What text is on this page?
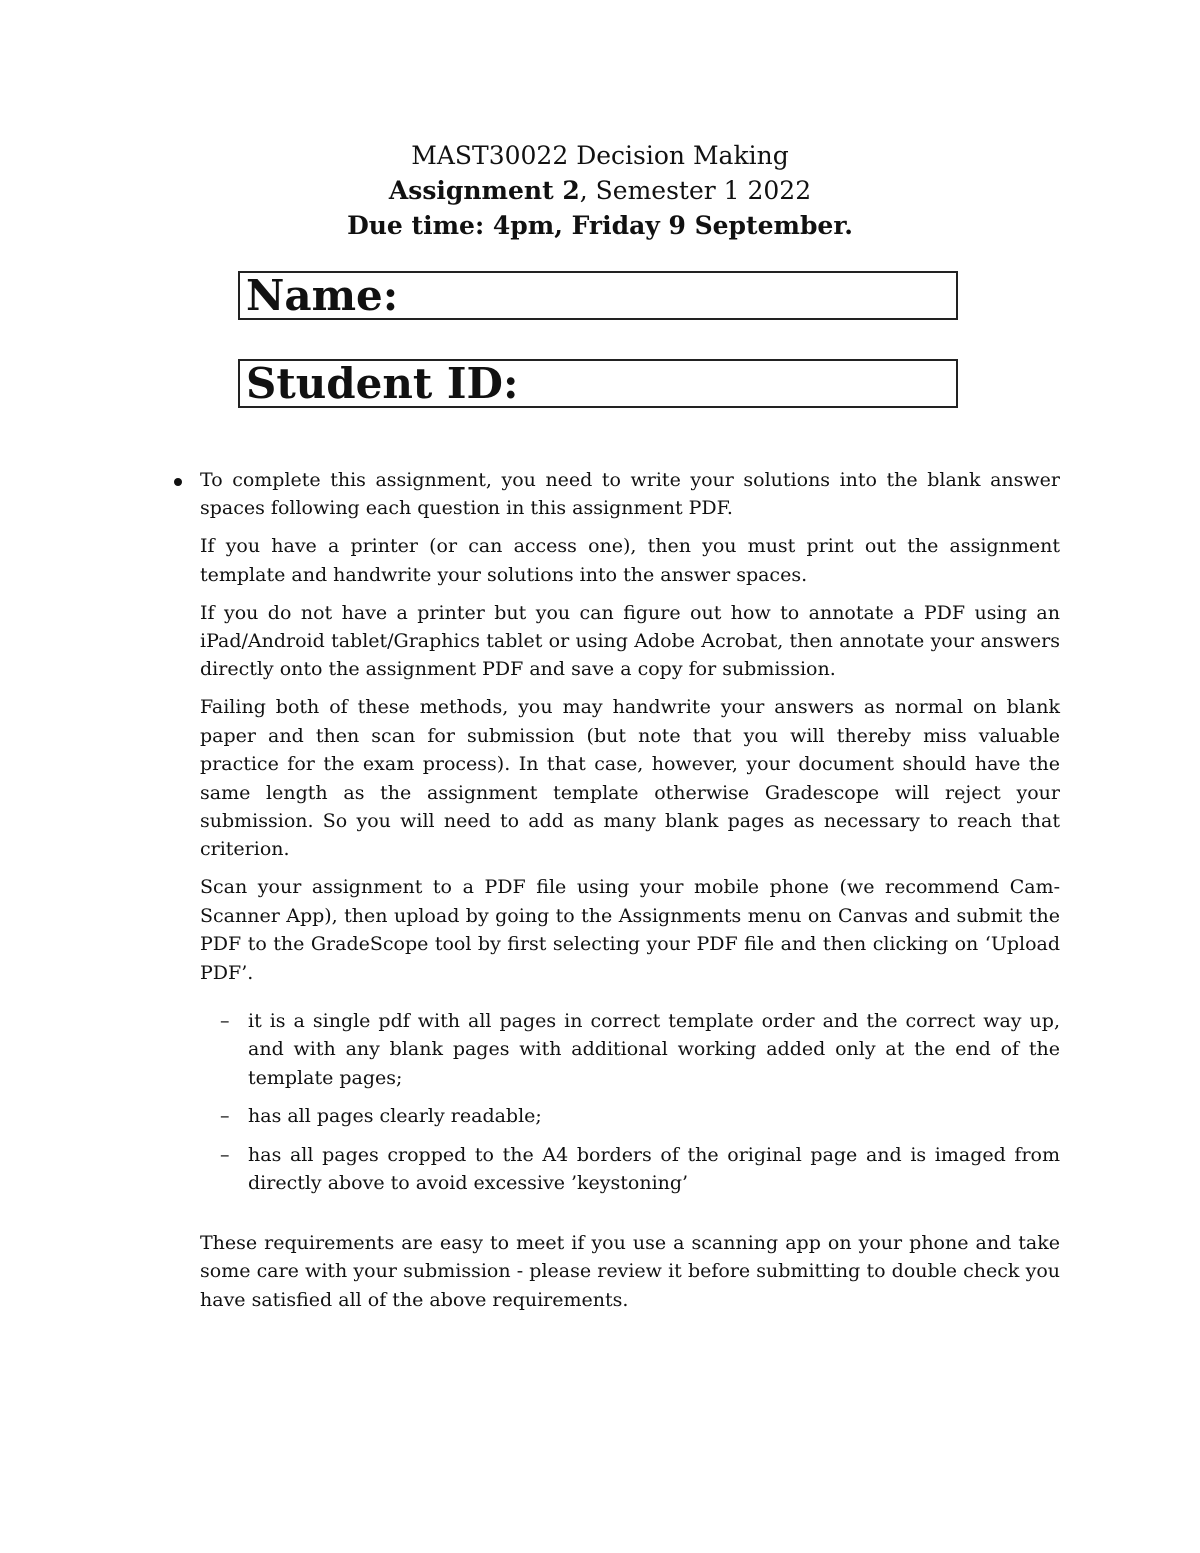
MAST30022 Decision Making
Assignment 2, Semester 1 2022
Due time: 4pm, Friday 9 September.
Name:
Student ID:

To complete this assignment, you need to write your solutions into the blank answer spaces following each question in this assignment PDF.

If you have a printer (or can access one), then you must print out the assignment template and handwrite your solutions into the answer spaces.

If you do not have a printer but you can figure out how to annotate a PDF using an iPad/Android tablet/Graphics tablet or using Adobe Acrobat, then annotate your answers directly onto the assignment PDF and save a copy for submission.

Failing both of these methods, you may handwrite your answers as normal on blank paper and then scan for submission (but note that you will thereby miss valuable practice for the exam process). In that case, however, your document should have the same length as the assignment template otherwise Gradescope will reject your submission. So you will need to add as many blank pages as necessary to reach that criterion.

Scan your assignment to a PDF file using your mobile phone (we recommend Cam-Scanner App), then upload by going to the Assignments menu on Canvas and submit the PDF to the GradeScope tool by first selecting your PDF file and then clicking on ‘Upload PDF’.

– it is a single pdf with all pages in correct template order and the correct way up, and with any blank pages with additional working added only at the end of the template pages;
– has all pages clearly readable;
– has all pages cropped to the A4 borders of the original page and is imaged from directly above to avoid excessive ’keystoning’

These requirements are easy to meet if you use a scanning app on your phone and take some care with your submission - please review it before submitting to double check you have satisfied all of the above requirements.
